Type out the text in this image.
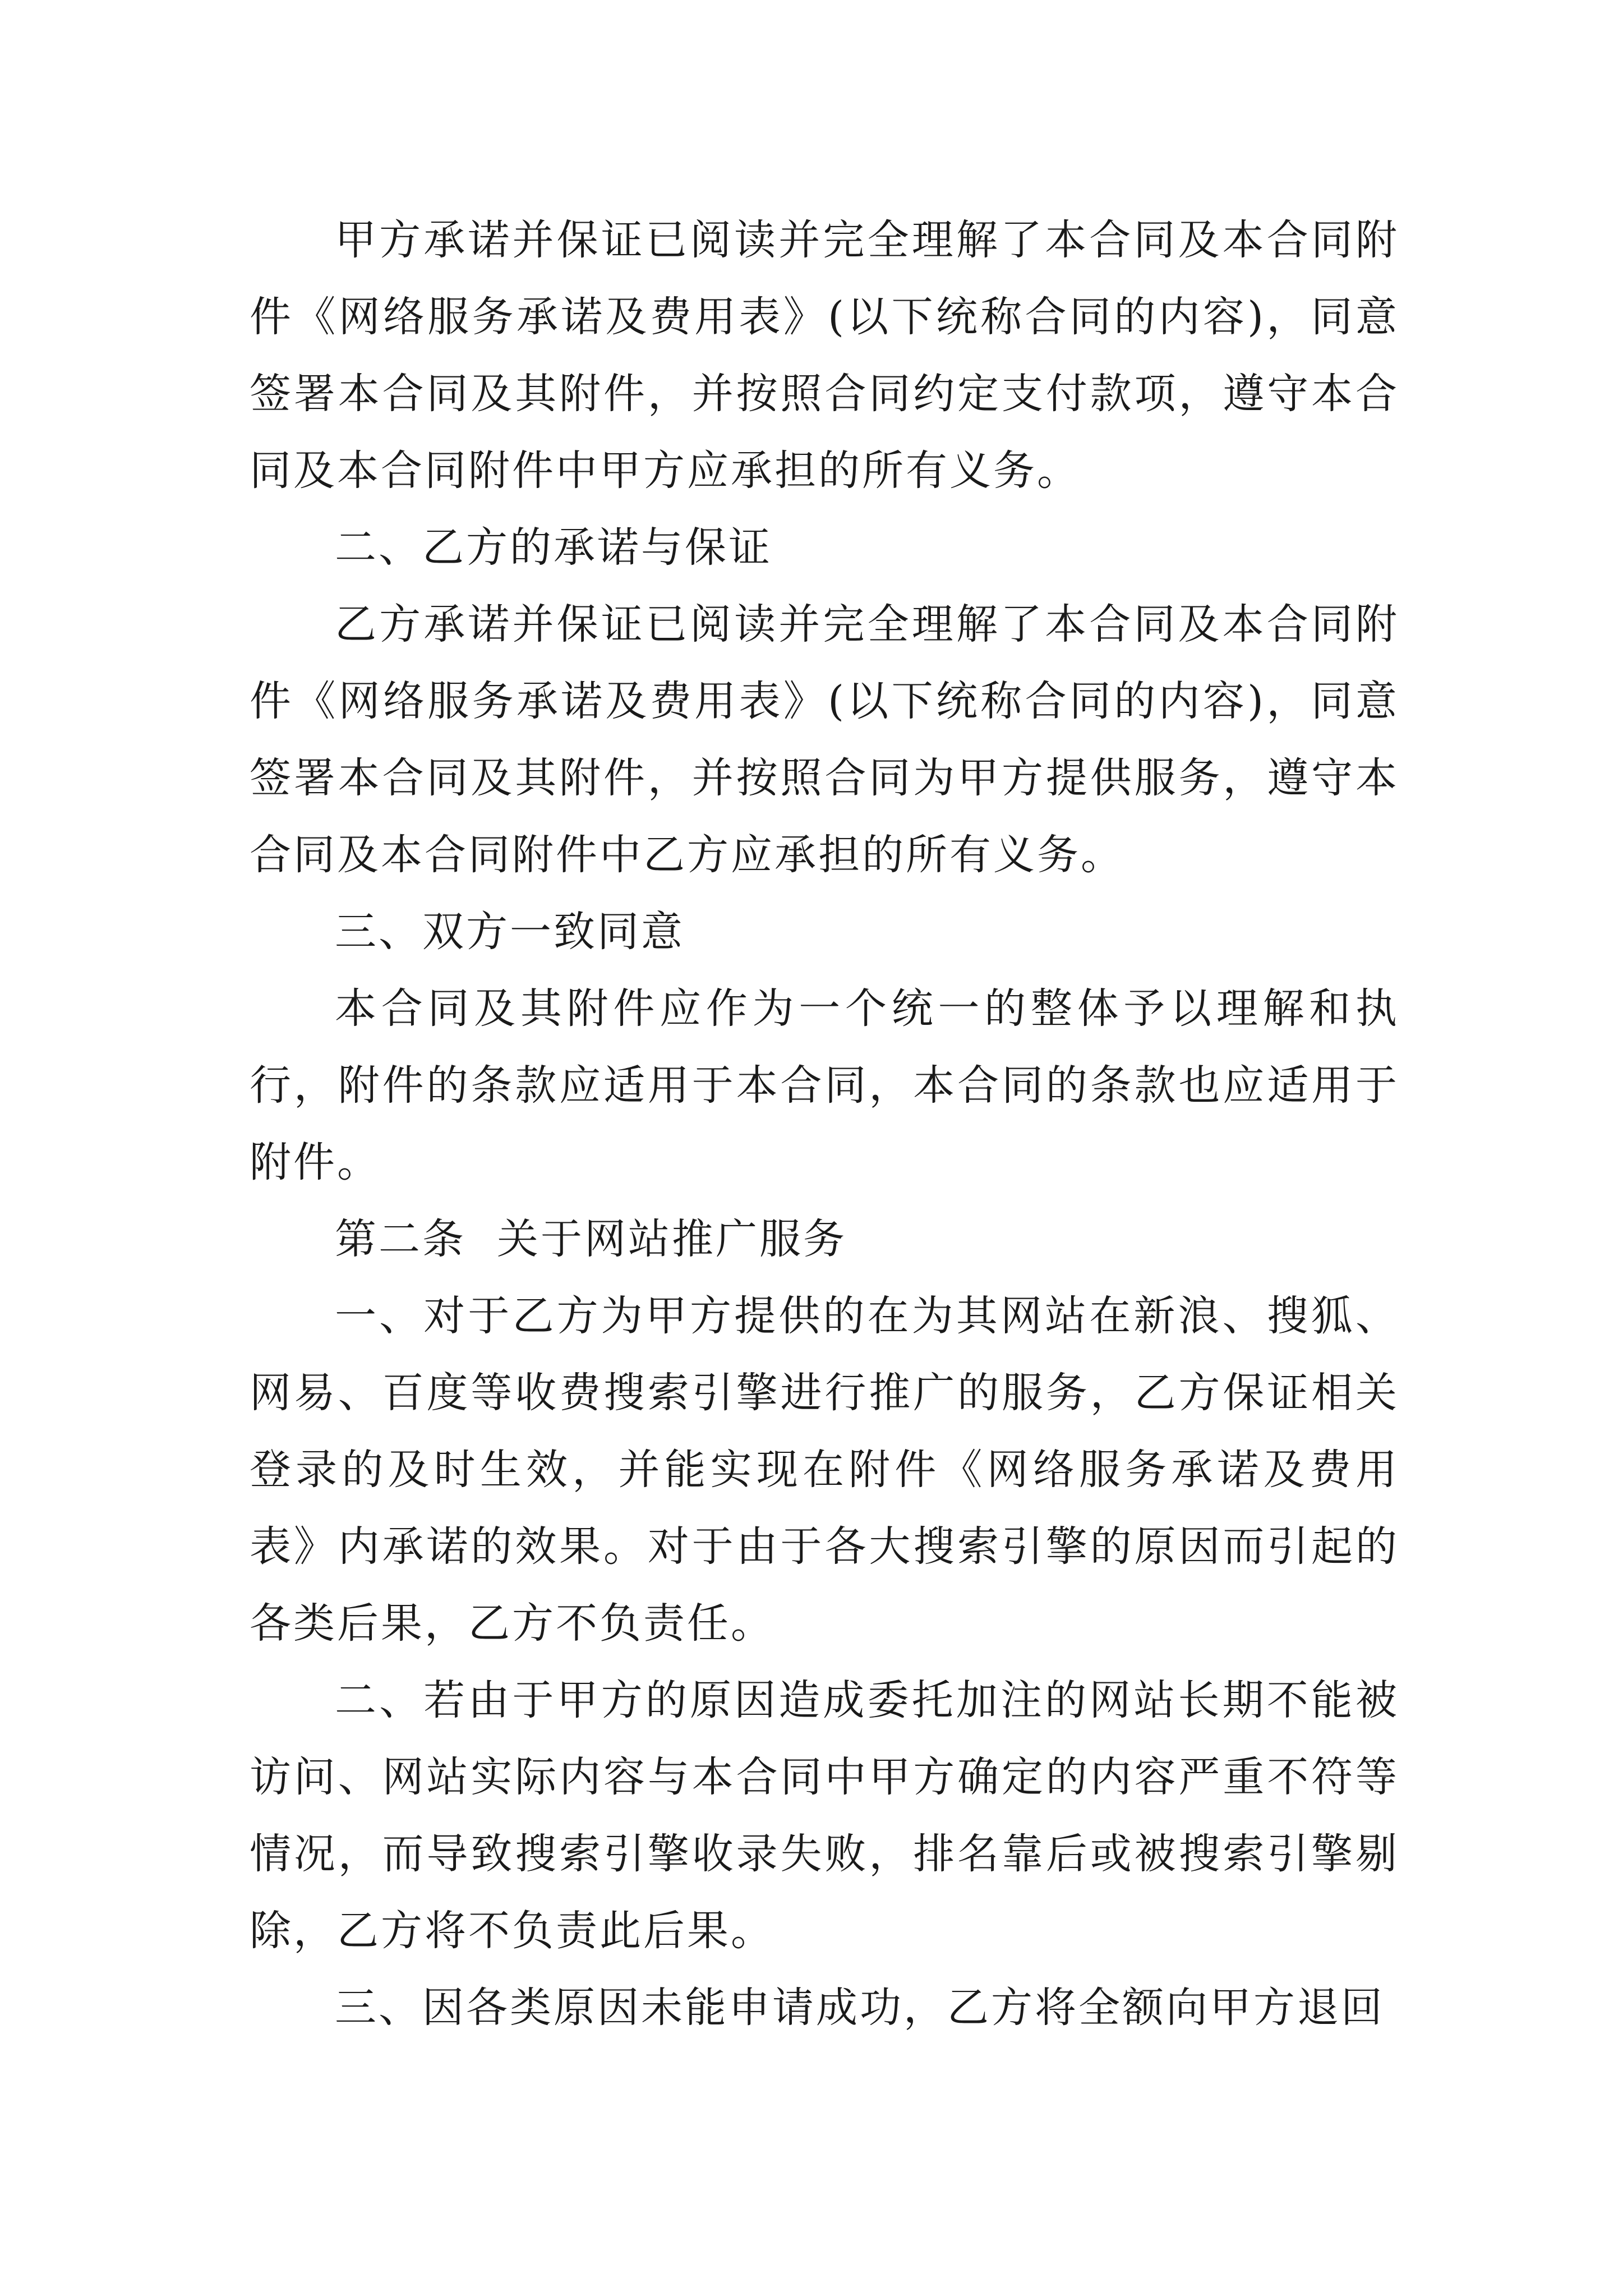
甲方承诺并保证已阅读并完全理解了本合同及本合同附件《网络服务承诺及费用表》(以下统称合同的内容)，同意签署本合同及其附件，并按照合同约定支付款项，遵守本合同及本合同附件中甲方应承担的所有义务。

二、乙方的承诺与保证

乙方承诺并保证已阅读并完全理解了本合同及本合同附件《网络服务承诺及费用表》(以下统称合同的内容)，同意签署本合同及其附件，并按照合同为甲方提供服务，遵守本合同及本合同附件中乙方应承担的所有义务。

三、双方一致同意

本合同及其附件应作为一个统一的整体予以理解和执行，附件的条款应适用于本合同，本合同的条款也应适用于附件。

第二条  关于网站推广服务

一、对于乙方为甲方提供的在为其网站在新浪、搜狐、网易、百度等收费搜索引擎进行推广的服务，乙方保证相关登录的及时生效，并能实现在附件《网络服务承诺及费用表》内承诺的效果。对于由于各大搜索引擎的原因而引起的各类后果，乙方不负责任。

二、若由于甲方的原因造成委托加注的网站长期不能被访问、网站实际内容与本合同中甲方确定的内容严重不符等情况，而导致搜索引擎收录失败，排名靠后或被搜索引擎剔除，乙方将不负责此后果。

三、因各类原因未能申请成功，乙方将全额向甲方退回
